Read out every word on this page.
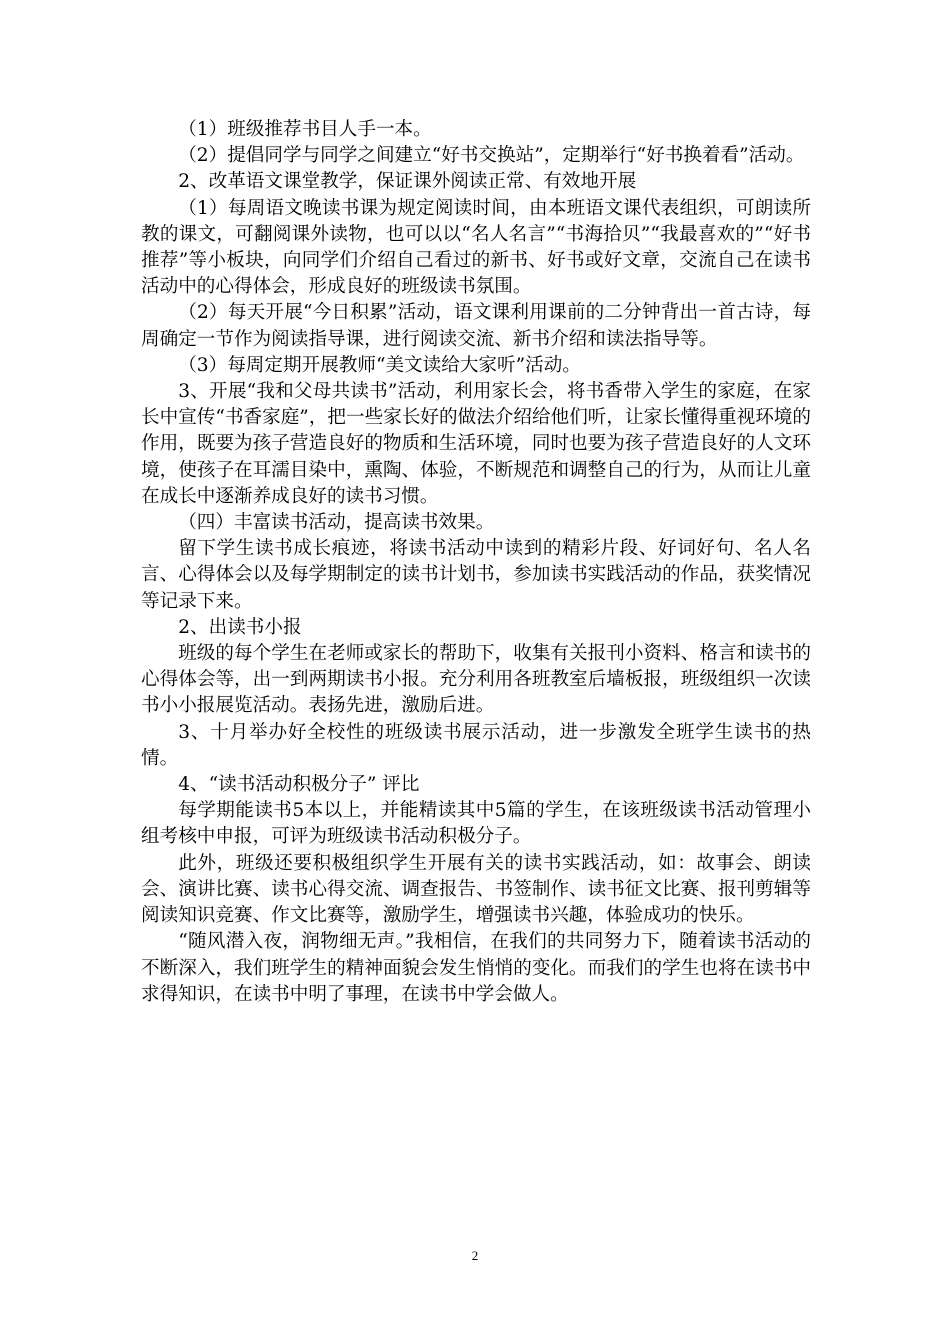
（1）班级推荐书目人手一本。

（2）提倡同学与同学之间建立“好书交换站”，定期举行“好书换着看”活动。

2、改革语文课堂教学，保证课外阅读正常、有效地开展

（1）每周语文晚读书课为规定阅读时间，由本班语文课代表组织，可朗读所教的课文，可翻阅课外读物，也可以以“名人名言”“书海拾贝”“我最喜欢的”“好书推荐”等小板块，向同学们介绍自己看过的新书、好书或好文章，交流自己在读书活动中的心得体会，形成良好的班级读书氛围。

（2）每天开展“今日积累”活动，语文课利用课前的二分钟背出一首古诗，每周确定一节作为阅读指导课，进行阅读交流、新书介绍和读法指导等。

（3）每周定期开展教师“美文读给大家听”活动。

3、开展“我和父母共读书”活动，利用家长会，将书香带入学生的家庭，在家长中宣传“书香家庭”，把一些家长好的做法介绍给他们听，让家长懂得重视环境的作用，既要为孩子营造良好的物质和生活环境，同时也要为孩子营造良好的人文环境，使孩子在耳濡目染中，熏陶、体验，不断规范和调整自己的行为，从而让儿童在成长中逐渐养成良好的读书习惯。

（四）丰富读书活动，提高读书效果。

留下学生读书成长痕迹，将读书活动中读到的精彩片段、好词好句、名人名言、心得体会以及每学期制定的读书计划书，参加读书实践活动的作品，获奖情况等记录下来。

2、出读书小报

班级的每个学生在老师或家长的帮助下，收集有关报刊小资料、格言和读书的心得体会等，出一到两期读书小报。充分利用各班教室后墙板报，班级组织一次读书小小报展览活动。表扬先进，激励后进。

3、十月举办好全校性的班级读书展示活动，进一步激发全班学生读书的热情。

4、“读书活动积极分子” 评比

每学期能读书5本以上，并能精读其中5篇的学生，在该班级读书活动管理小组考核中申报，可评为班级读书活动积极分子。

此外，班级还要积极组织学生开展有关的读书实践活动，如：故事会、朗读会、演讲比赛、读书心得交流、调查报告、书签制作、读书征文比赛、报刊剪辑等阅读知识竞赛、作文比赛等，激励学生，增强读书兴趣，体验成功的快乐。

“随风潜入夜，润物细无声。”我相信，在我们的共同努力下，随着读书活动的不断深入，我们班学生的精神面貌会发生悄悄的变化。而我们的学生也将在读书中求得知识，在读书中明了事理，在读书中学会做人。

2
